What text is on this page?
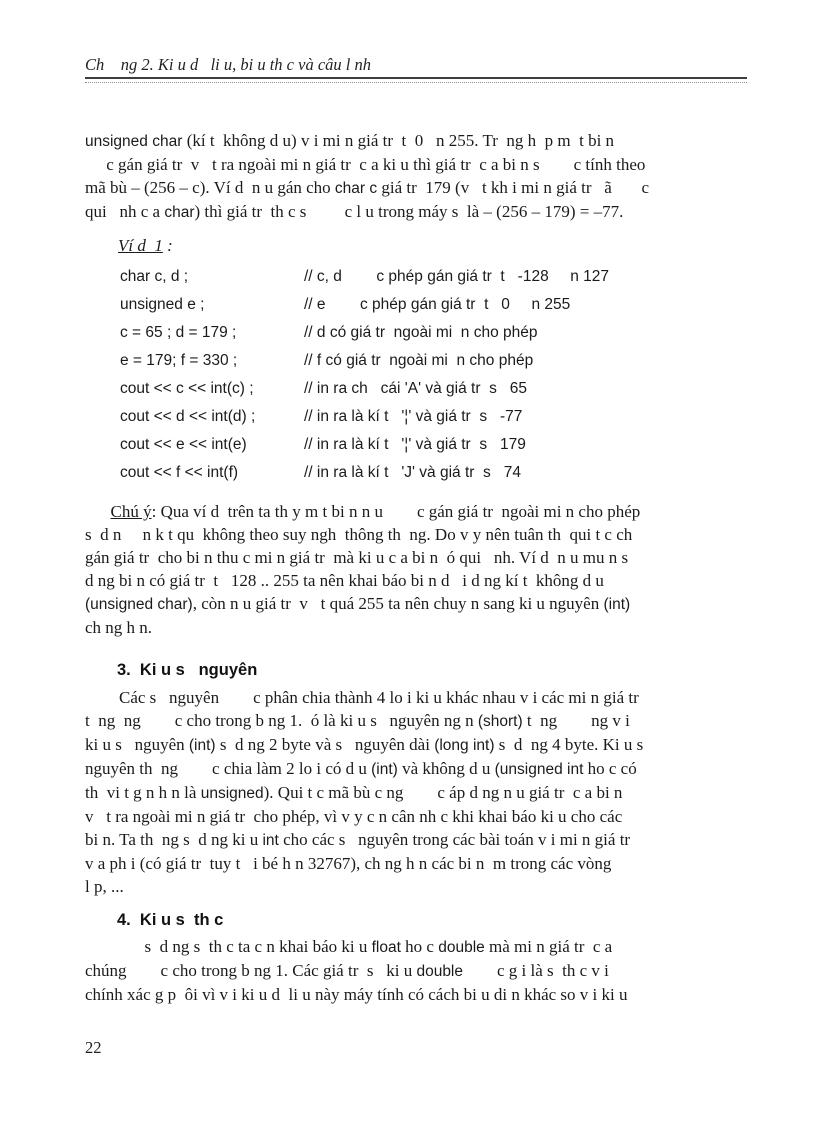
Ch    ng 2. Ki u d   li u, bi u th c và câu l nh
unsigned char (kí t  không d u) v i mi n giá tr  t  0   n 255. Tr  ng h  p m  t bi n
c gán giá tr  v   t ra ngoài mi n giá tr  c a ki u thì giá tr  c a bi n s        c tính theo
mã bù – (256 – c). Ví d  n u gán cho char c giá tr  179 (v   t kh i mi n giá tr   ã       c
qui   nh c a char) thì giá tr  th c s         c l u trong máy s  là – (256 – 179) = –77.
Ví d  1 :
char c, d ;	// c, d        c phép gán giá tr  t   -128     n 127
unsigned e ;	// e        c phép gán giá tr  t   0     n 255
c = 65 ; d = 179 ;	// d có giá tr  ngoài mi  n cho phép
e = 179; f = 330 ;	// f có giá tr  ngoài mi  n cho phép
cout << c << int(c) ;	// in ra ch   cái 'A' và giá tr  s   65
cout << d << int(d) ;	// in ra là kí t   '¦' và giá tr  s   -77
cout << e << int(e)	// in ra là kí t   '¦' và giá tr  s   179
cout << f << int(f)	// in ra là kí t   'J' và giá tr  s   74
Chú ý: Qua ví d  trên ta th y m t bi n n u        c gán giá tr  ngoài mi n cho phép
s  d n     n k t qu  không theo suy ngh  thông th  ng. Do v y nên tuân th  qui t c ch
gán giá tr  cho bi n thu c mi n giá tr  mà ki u c a bi n  ó qui   nh. Ví d  n u mu n s
d ng bi n có giá tr  t   128 .. 255 ta nên khai báo bi n d   i d ng kí t  không d u
(unsigned char), còn n u giá tr  v   t quá 255 ta nên chuy n sang ki u nguyên (int)
ch ng h n.
3.  Ki u s   nguyên
Các s   nguyên        c phân chia thành 4 lo i ki u khác nhau v i các mi n giá tr
t  ng  ng        c cho trong b ng 1.  ó là ki u s   nguyên ng n (short) t  ng        ng v i
ki u s   nguyên (int) s  d ng 2 byte và s   nguyên dài (long int) s  d  ng 4 byte. Ki u s
nguyên th  ng        c chia làm 2 lo i có d u (int) và không d u (unsigned int ho c có
th  vi t g n h n là unsigned). Qui t c mã bù c ng        c áp d ng n u giá tr  c a bi n
v   t ra ngoài mi n giá tr  cho phép, vì v y c n cân nh c khi khai báo ki u cho các
bi n. Ta th  ng s  d ng ki u int cho các s   nguyên trong các bài toán v i mi n giá tr
v a ph i (có giá tr  tuy t   i bé h n 32767), ch ng h n các bi n  m trong các vòng
l p, ...
4.  Ki u s  th c
s  d ng s  th c ta c n khai báo ki u float ho c double mà mi n giá tr  c a
chúng        c cho trong b ng 1. Các giá tr  s   ki u double        c g i là s  th c v i
chính xác g p  ôi vì v i ki u d  li u này máy tính có cách bi u di n khác so v i ki u
22
